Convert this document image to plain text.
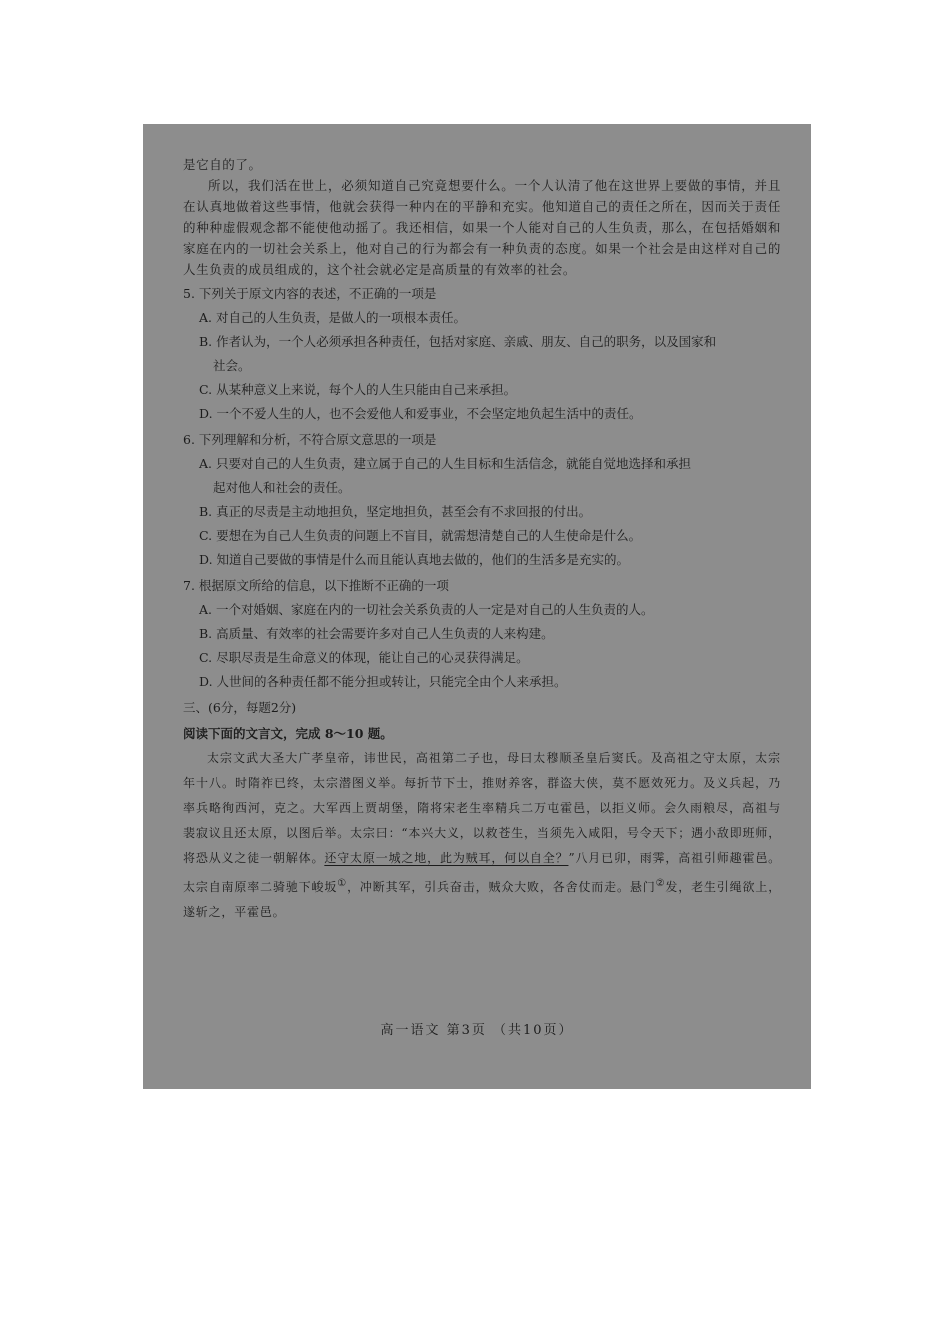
是它自的了。

所以，我们活在世上，必须知道自己究竟想要什么。一个人认清了他在这世界上要做的事情，并且在认真地做着这些事情，他就会获得一种内在的平静和充实。他知道自己的责任之所在，因而关于责任的种种虚假观念都不能使他动摇了。我还相信，如果一个人能对自己的人生负责，那么，在包括婚姻和家庭在内的一切社会关系上，他对自己的行为都会有一种负责的态度。如果一个社会是由这样对自己的人生负责的成员组成的，这个社会就必定是高质量的有效率的社会。

5. 下列关于原文内容的表述，不正确的一项是

A. 对自己的人生负责，是做人的一项根本责任。

B. 作者认为，一个人必须承担各种责任，包括对家庭、亲戚、朋友、自己的职务，以及国家和
社会。

C. 从某种意义上来说，每个人的人生只能由自己来承担。

D. 一个不爱人生的人，也不会爱他人和爱事业，不会坚定地负起生活中的责任。

6. 下列理解和分析，不符合原文意思的一项是

A. 只要对自己的人生负责，建立属于自己的人生目标和生活信念，就能自觉地选择和承担
起对他人和社会的责任。

B. 真正的尽责是主动地担负，坚定地担负，甚至会有不求回报的付出。

C. 要想在为自己人生负责的问题上不盲目，就需想清楚自己的人生使命是什么。

D. 知道自己要做的事情是什么而且能认真地去做的，他们的生活多是充实的。

7. 根据原文所给的信息，以下推断不正确的一项

A. 一个对婚姻、家庭在内的一切社会关系负责的人一定是对自己的人生负责的人。

B. 高质量、有效率的社会需要许多对自己人生负责的人来构建。

C. 尽职尽责是生命意义的体现，能让自己的心灵获得满足。

D. 人世间的各种责任都不能分担或转让，只能完全由个人来承担。

三、(6分，每题2分)

阅读下面的文言文，完成 8～10 题。

太宗文武大圣大广孝皇帝，讳世民，高祖第二子也，母曰太穆顺圣皇后窦氏。及高祖之守太原，太宗年十八。时隋祚已终，太宗潜图义举。每折节下士，推财养客，群盗大侠，莫不愿效死力。及义兵起，乃率兵略徇西河，克之。大军西上贾胡堡，隋将宋老生率精兵二万屯霍邑，以拒义师。会久雨粮尽，高祖与裴寂议且还太原，以图后举。太宗曰：“本兴大义，以救苍生，当须先入咸阳，号令天下；遇小敌即班师，将恐从义之徒一朝解体。还守太原一城之地，此为贼耳，何以自全？”八月已卯，雨霁，高祖引师趣霍邑。太宗自南原率二骑驰下峻坂①，冲断其军，引兵奋击，贼众大败，各舍仗而走。悬门②发，老生引绳欲上，遂斩之，平霍邑。

高一语文 第3页 （共10页）
